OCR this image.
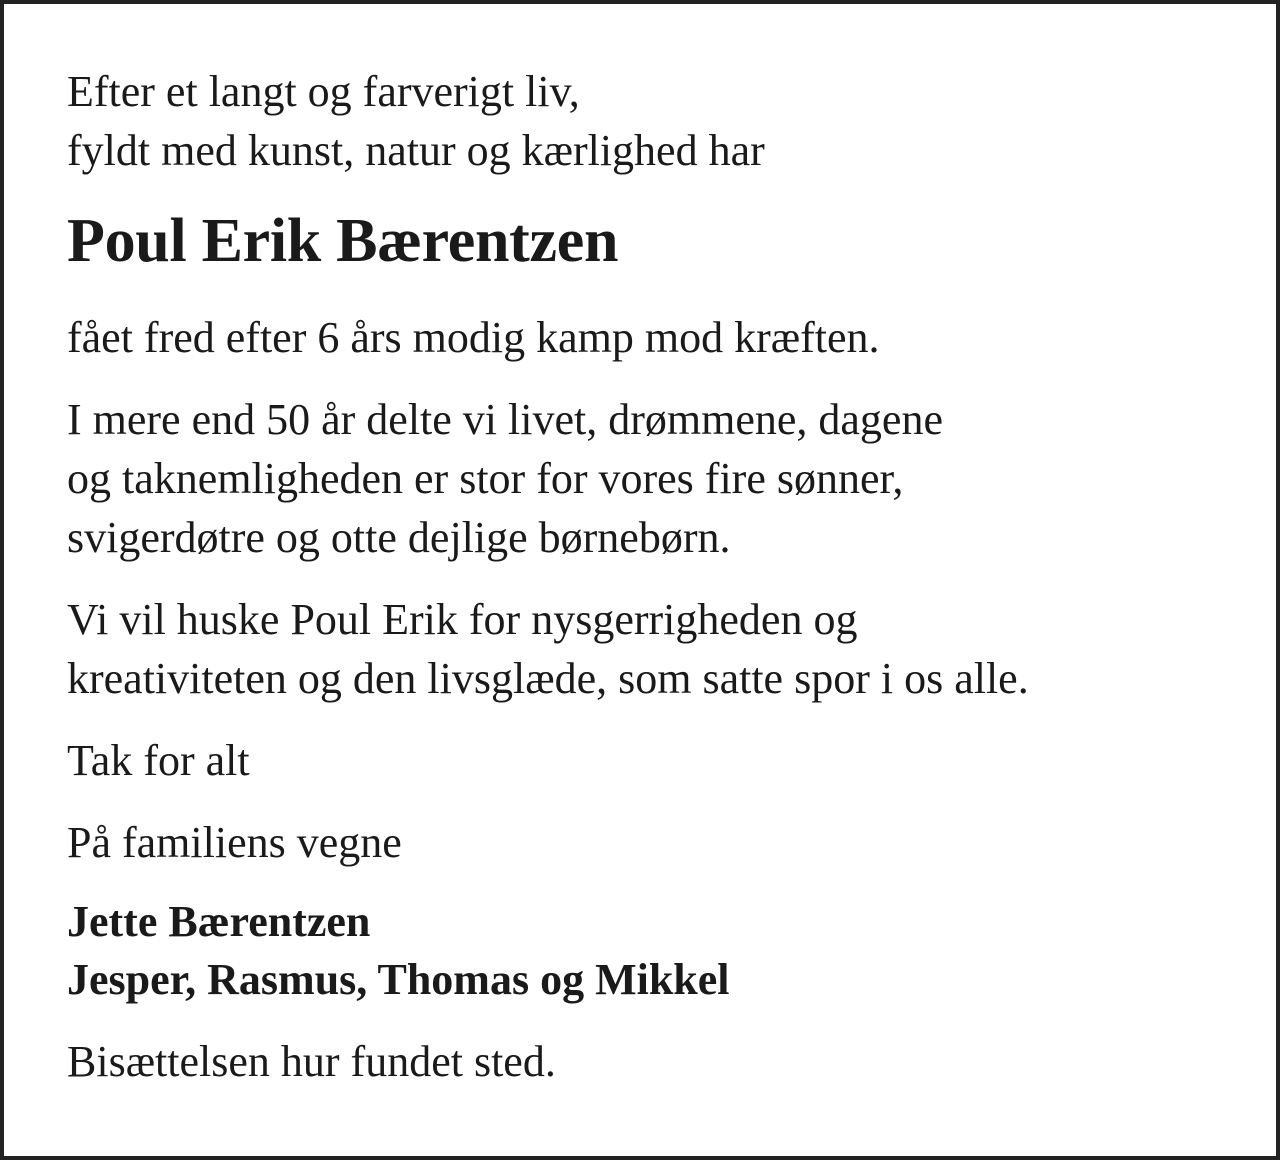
Efter et langt og farverigt liv,
fyldt med kunst, natur og kærlighed har
Poul Erik Bærentzen
fået fred efter 6 års modig kamp mod kræften.
I mere end 50 år delte vi livet, drømmene, dagene
og taknemligheden er stor for vores fire sønner,
svigerdøtre og otte dejlige børnebørn.
Vi vil huske Poul Erik for nysgerrigheden og
kreativiteten og den livsglæde, som satte spor i os alle.
Tak for alt
På familiens vegne
Jette Bærentzen
Jesper, Rasmus, Thomas og Mikkel
Bisættelsen hur fundet sted.
